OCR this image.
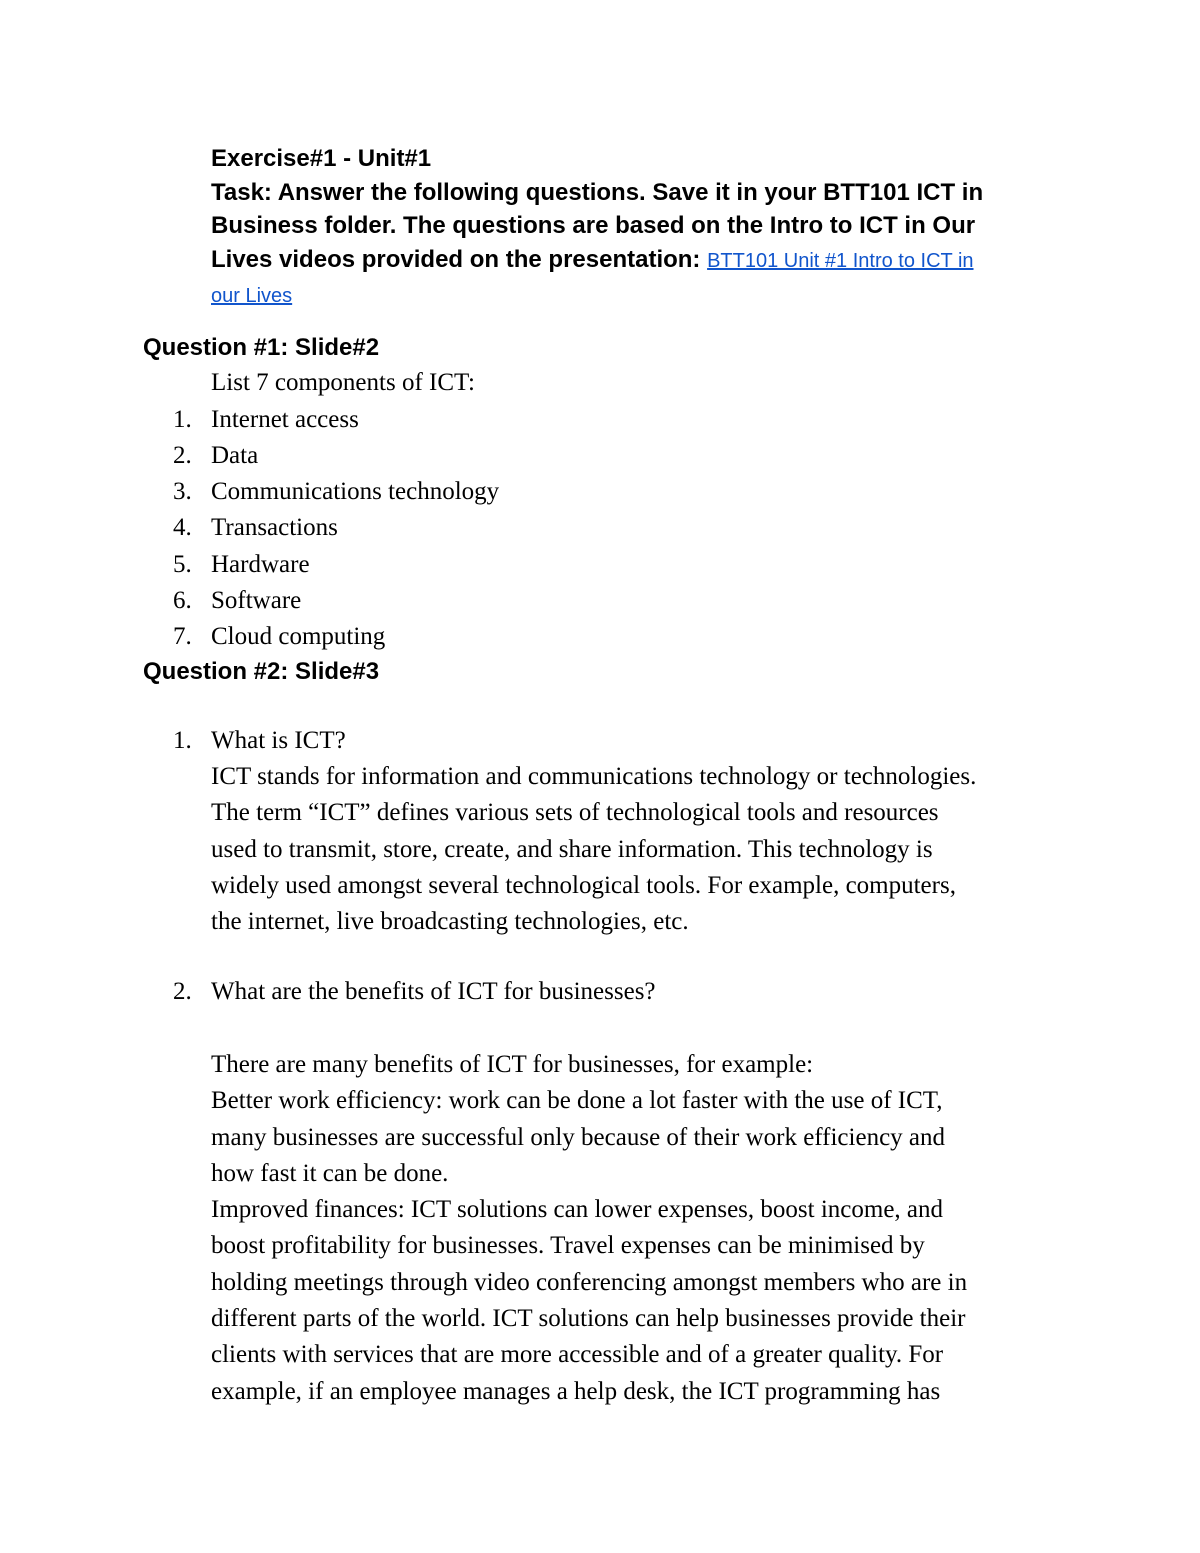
Exercise#1 - Unit#1
Task: Answer the following questions. Save it in your BTT101 ICT in
Business folder. The questions are based on the Intro to ICT in Our
Lives videos provided on the presentation: BTT101 Unit #1 Intro to ICT in
our Lives
Question #1: Slide#2
List 7 components of ICT:
1. Internet access
2. Data
3. Communications technology
4. Transactions
5. Hardware
6. Software
7. Cloud computing
Question #2: Slide#3
1. What is ICT?
ICT stands for information and communications technology or technologies.
The term “ICT” defines various sets of technological tools and resources
used to transmit, store, create, and share information. This technology is
widely used amongst several technological tools. For example, computers,
the internet, live broadcasting technologies, etc.
2. What are the benefits of ICT for businesses?
There are many benefits of ICT for businesses, for example:
Better work efficiency: work can be done a lot faster with the use of ICT,
many businesses are successful only because of their work efficiency and
how fast it can be done.
Improved finances: ICT solutions can lower expenses, boost income, and
boost profitability for businesses. Travel expenses can be minimised by
holding meetings through video conferencing amongst members who are in
different parts of the world. ICT solutions can help businesses provide their
clients with services that are more accessible and of a greater quality. For
example, if an employee manages a help desk, the ICT programming has
